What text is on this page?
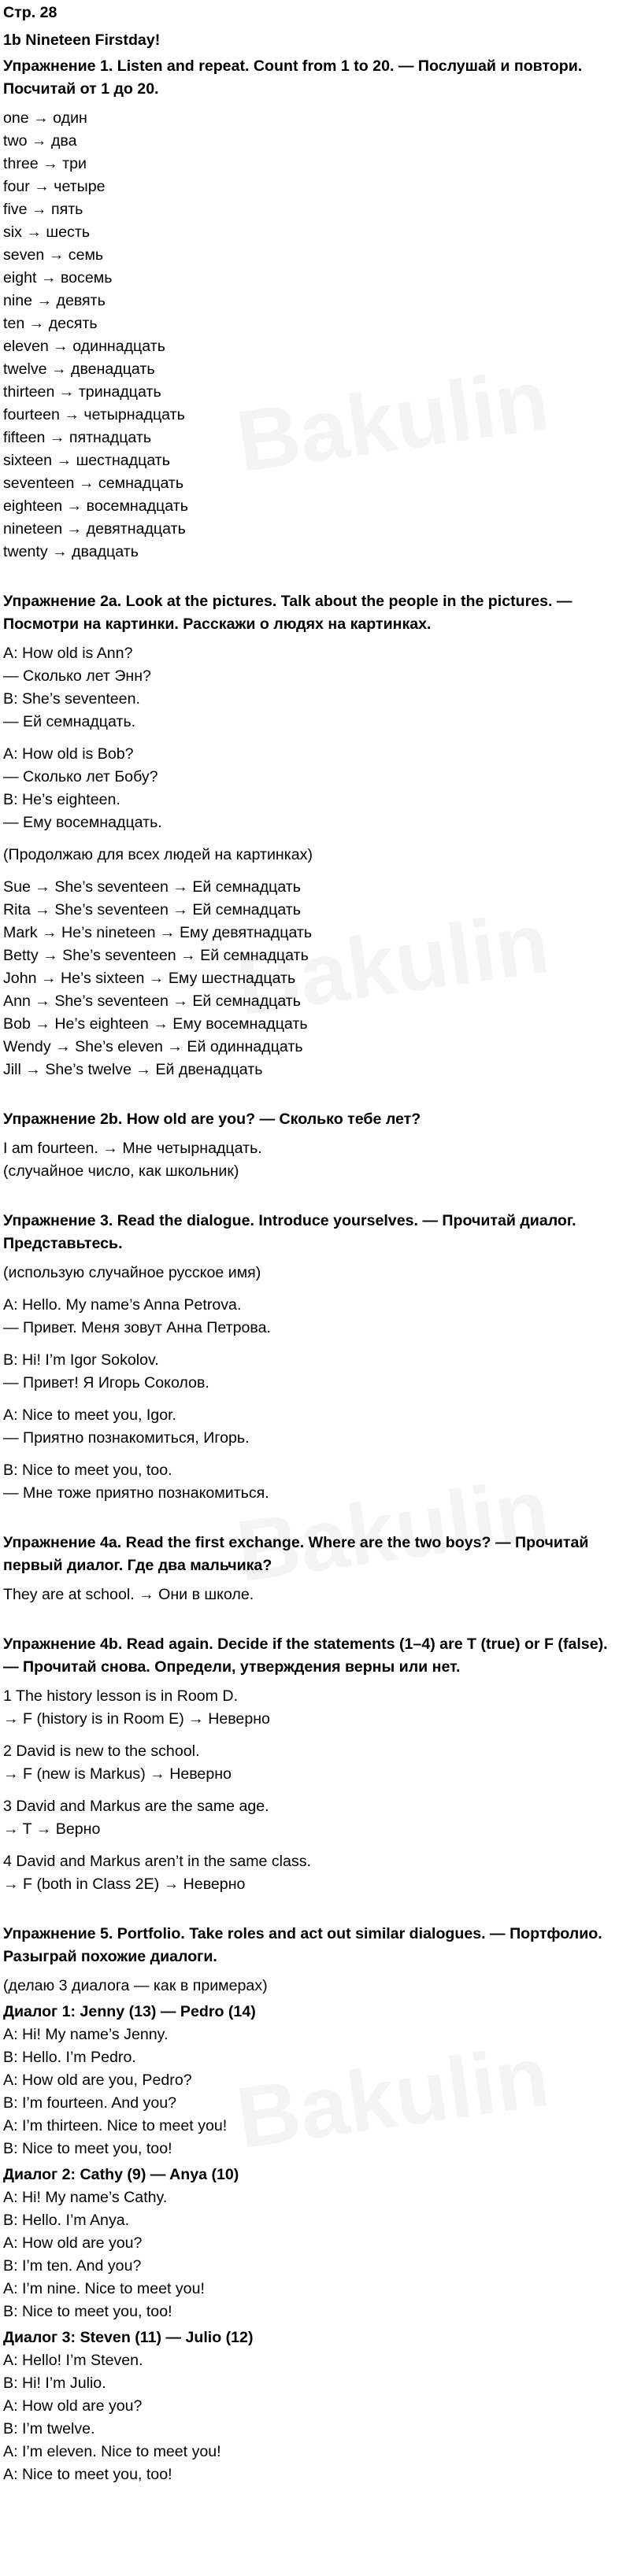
Стр. 28
1b Nineteen Firstday!
Упражнение 1. Listen and repeat. Count from 1 to 20. — Послушай и повтори. Посчитай от 1 до 20.
one → один
two → два
three → три
four → четыре
five → пять
six → шесть
seven → семь
eight → восемь
nine → девять
ten → десять
eleven → одиннадцать
twelve → двенадцать
thirteen → тринадцать
fourteen → четырнадцать
fifteen → пятнадцать
sixteen → шестнадцать
seventeen → семнадцать
eighteen → восемнадцать
nineteen → девятнадцать
twenty → двадцать
Упражнение 2a. Look at the pictures. Talk about the people in the pictures. — Посмотри на картинки. Расскажи о людях на картинках.
A: How old is Ann?
— Сколько лет Энн?
B: She’s seventeen.
— Ей семнадцать.
A: How old is Bob?
— Сколько лет Бобу?
B: He’s eighteen.
— Ему восемнадцать.
(Продолжаю для всех людей на картинках)
Sue → She’s seventeen → Ей семнадцать
Rita → She’s seventeen → Ей семнадцать
Mark → He’s nineteen → Ему девятнадцать
Betty → She’s seventeen → Ей семнадцать
John → He’s sixteen → Ему шестнадцать
Ann → She’s seventeen → Ей семнадцать
Bob → He’s eighteen → Ему восемнадцать
Wendy → She’s eleven → Ей одиннадцать
Jill → She’s twelve → Ей двенадцать
Упражнение 2b. How old are you? — Сколько тебе лет?
I am fourteen. → Мне четырнадцать.
(случайное число, как школьник)
Упражнение 3. Read the dialogue. Introduce yourselves. — Прочитай диалог. Представьтесь.
(использую случайное русское имя)
A: Hello. My name’s Anna Petrova.
— Привет. Меня зовут Анна Петрова.
B: Hi! I’m Igor Sokolov.
— Привет! Я Игорь Соколов.
A: Nice to meet you, Igor.
— Приятно познакомиться, Игорь.
B: Nice to meet you, too.
— Мне тоже приятно познакомиться.
Упражнение 4a. Read the first exchange. Where are the two boys? — Прочитай первый диалог. Где два мальчика?
They are at school. → Они в школе.
Упражнение 4b. Read again. Decide if the statements (1–4) are T (true) or F (false). — Прочитай снова. Определи, утверждения верны или нет.
1 The history lesson is in Room D.
→ F (history is in Room E) → Неверно
2 David is new to the school.
→ F (new is Markus) → Неверно
3 David and Markus are the same age.
→ T → Верно
4 David and Markus aren’t in the same class.
→ F (both in Class 2E) → Неверно
Упражнение 5. Portfolio. Take roles and act out similar dialogues. — Портфолио. Разыграй похожие диалоги.
(делаю 3 диалога — как в примерах)
Диалог 1: Jenny (13) — Pedro (14)
A: Hi! My name’s Jenny.
B: Hello. I’m Pedro.
A: How old are you, Pedro?
B: I’m fourteen. And you?
A: I’m thirteen. Nice to meet you!
B: Nice to meet you, too!
Диалог 2: Cathy (9) — Anya (10)
A: Hi! My name’s Cathy.
B: Hello. I’m Anya.
A: How old are you?
B: I’m ten. And you?
A: I’m nine. Nice to meet you!
B: Nice to meet you, too!
Диалог 3: Steven (11) — Julio (12)
A: Hello! I’m Steven.
B: Hi! I’m Julio.
A: How old are you?
B: I’m twelve.
A: I’m eleven. Nice to meet you!
A: Nice to meet you, too!
